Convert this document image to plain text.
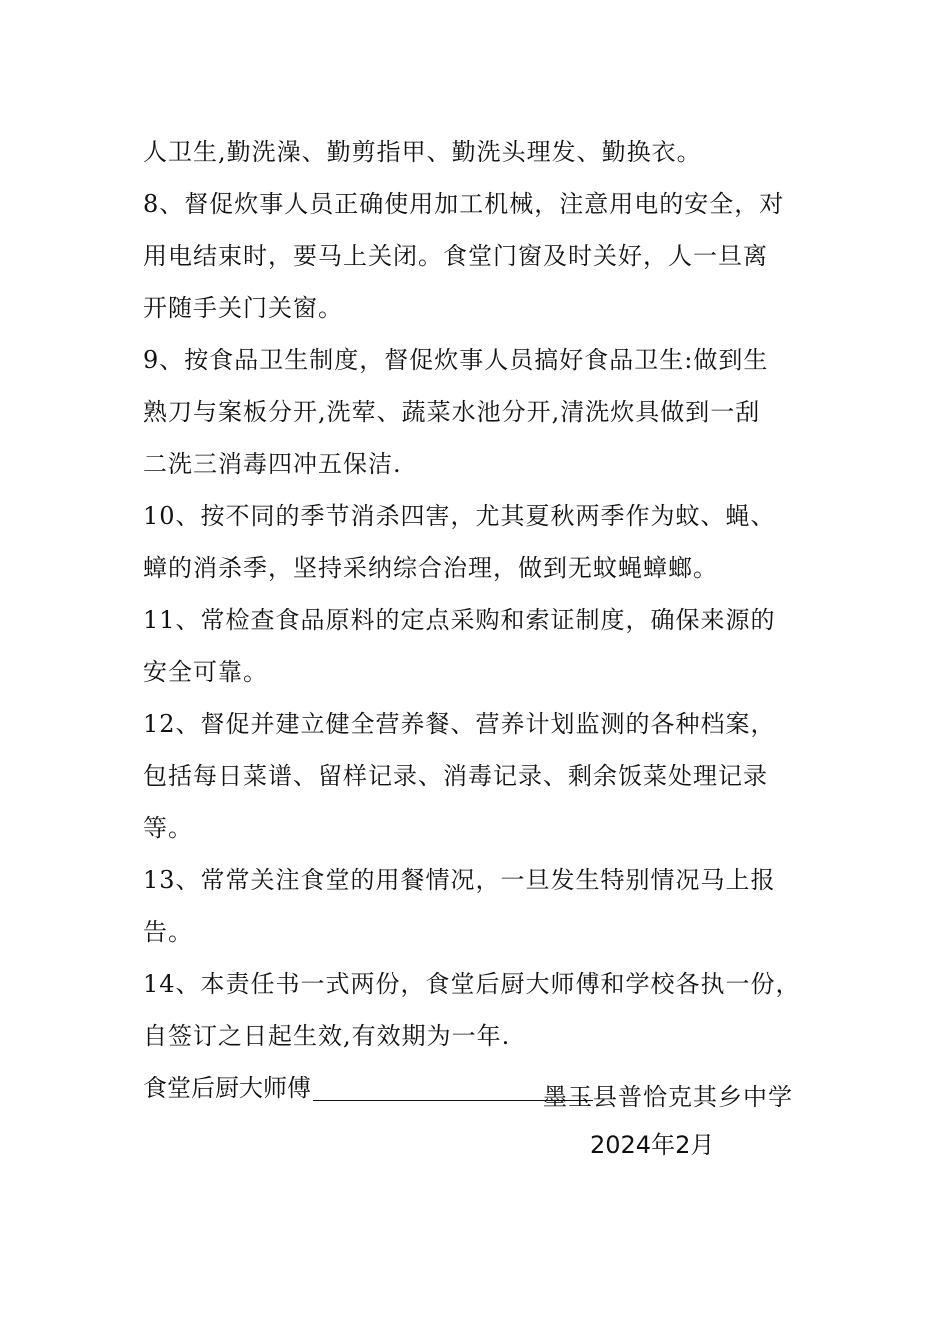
人卫生,勤洗澡、勤剪指甲、勤洗头理发、勤换衣。
8、督促炊事人员正确使用加工机械，注意用电的安全，对
用电结束时，要马上关闭。食堂门窗及时关好，人一旦离
开随手关门关窗。
9、按食品卫生制度，督促炊事人员搞好食品卫生:做到生
熟刀与案板分开,洗荤、蔬菜水池分开,清洗炊具做到一刮
二洗三消毒四冲五保洁.
10、按不同的季节消杀四害，尤其夏秋两季作为蚊、蝇、
蟑的消杀季，坚持采纳综合治理，做到无蚊蝇蟑螂。
11、常检查食品原料的定点采购和索证制度，确保来源的
安全可靠。
12、督促并建立健全营养餐、营养计划监测的各种档案，
包括每日菜谱、留样记录、消毒记录、剩余饭菜处理记录
等。
13、常常关注食堂的用餐情况，一旦发生特别情况马上报
告。
14、本责任书一式两份，食堂后厨大师傅和学校各执一份，
自签订之日起生效,有效期为一年.
食堂后厨大师傅	墨玉县普恰克其乡中学
2024年2月
